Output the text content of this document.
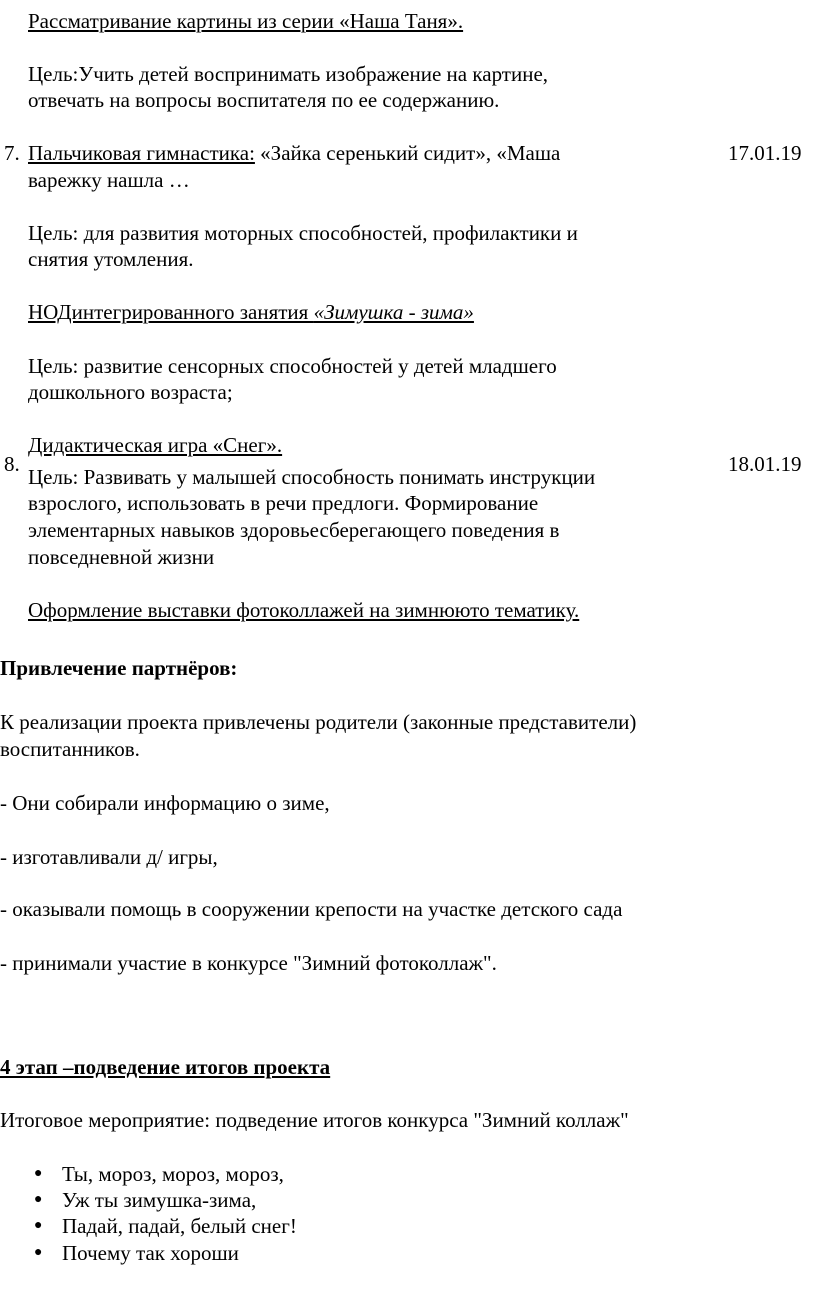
Рассматривание картины из серии «Наша Таня».
Цель:Учить детей воспринимать изображение на картине,
отвечать на вопросы воспитателя по ее содержанию.
7.	17.01.19
Пальчиковая гимнастика: «Зайка серенький сидит», «Маша
варежку нашла …
Цель: для развития моторных способностей, профилактики и
снятия утомления.
НОДинтегрированного занятия «Зимушка - зима»
Цель: развитие сенсорных способностей у детей младшего
дошкольного возраста;
Дидактическая игра «Снег».
8.	18.01.19
Цель: Развивать у малышей способность понимать инструкции
взрослого, использовать в речи предлоги. Формирование
элементарных навыков здоровьесберегающего поведения в
повседневной жизни
Оформление выставки фотоколлажей на зимнююто тематику.
Привлечение партнёров:
К реализации проекта привлечены родители (законные представители)
воспитанников.
- Они собирали информацию о зиме,
- изготавливали д/ игры,
- оказывали помощь в сооружении крепости на участке детского сада
- принимали участие в конкурсе "Зимний фотоколлаж".
4 этап –подведение итогов проекта
Итоговое мероприятие: подведение итогов конкурса "Зимний коллаж"
● Ты, мороз, мороз, мороз,
● Уж ты зимушка-зима,
● Падай, падай, белый снег!
● Почему так хороши
